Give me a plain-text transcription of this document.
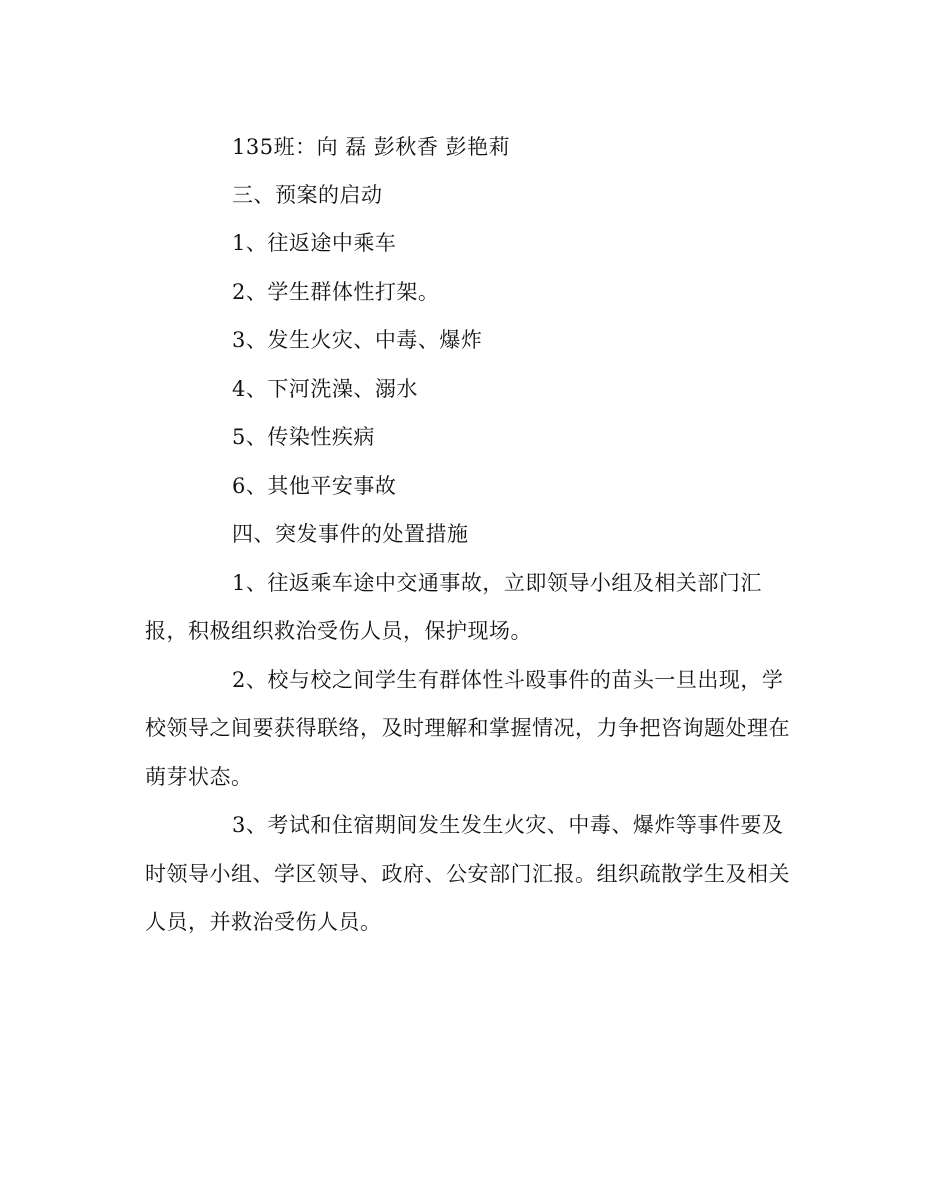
135班：向 磊 彭秋香 彭艳莉
三、预案的启动
1、往返途中乘车
2、学生群体性打架。
3、发生火灾、中毒、爆炸
4、下河洗澡、溺水
5、传染性疾病
6、其他平安事故
四、突发事件的处置措施
1、往返乘车途中交通事故，立即领导小组及相关部门汇
报，积极组织救治受伤人员，保护现场。
2、校与校之间学生有群体性斗殴事件的苗头一旦出现，学
校领导之间要获得联络，及时理解和掌握情况，力争把咨询题处理在
萌芽状态。
3、考试和住宿期间发生发生火灾、中毒、爆炸等事件要及
时领导小组、学区领导、政府、公安部门汇报。组织疏散学生及相关
人员，并救治受伤人员。
